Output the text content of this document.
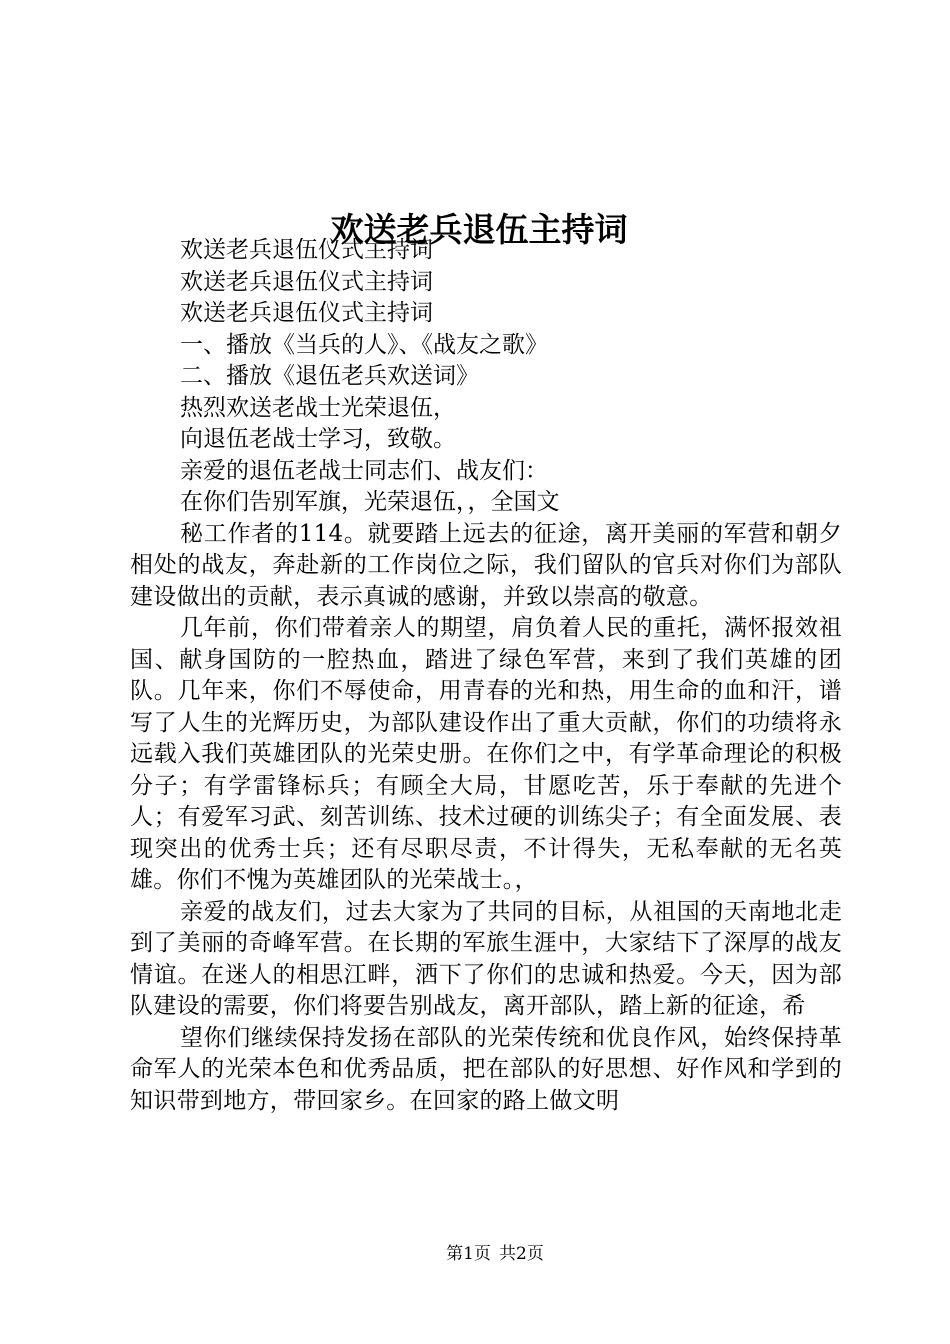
欢送老兵退伍主持词

欢送老兵退伍仪式主持词

欢送老兵退伍仪式主持词

欢送老兵退伍仪式主持词

一、播放《当兵的人》、《战友之歌》

二、播放《退伍老兵欢送词》

热烈欢送老战士光荣退伍，

向退伍老战士学习，致敬。

亲爱的退伍老战士同志们、战友们：

在你们告别军旗，光荣退伍，，全国文

秘工作者的114。就要踏上远去的征途，离开美丽的军营和朝夕相处的战友，奔赴新的工作岗位之际，我们留队的官兵对你们为部队建设做出的贡献，表示真诚的感谢，并致以崇高的敬意。

几年前，你们带着亲人的期望，肩负着人民的重托，满怀报效祖国、献身国防的一腔热血，踏进了绿色军营，来到了我们英雄的团队。几年来，你们不辱使命，用青春的光和热，用生命的血和汗，谱写了人生的光辉历史，为部队建设作出了重大贡献，你们的功绩将永远载入我们英雄团队的光荣史册。在你们之中，有学革命理论的积极分子；有学雷锋标兵；有顾全大局，甘愿吃苦，乐于奉献的先进个人；有爱军习武、刻苦训练、技术过硬的训练尖子；有全面发展、表现突出的优秀士兵；还有尽职尽责，不计得失，无私奉献的无名英雄。你们不愧为英雄团队的光荣战士。，

亲爱的战友们，过去大家为了共同的目标，从祖国的天南地北走到了美丽的奇峰军营。在长期的军旅生涯中，大家结下了深厚的战友情谊。在迷人的相思江畔，洒下了你们的忠诚和热爱。今天，因为部队建设的需要，你们将要告别战友，离开部队，踏上新的征途，希

望你们继续保持发扬在部队的光荣传统和优良作风，始终保持革命军人的光荣本色和优秀品质，把在部队的好思想、好作风和学到的知识带到地方，带回家乡。在回家的路上做文明

第1页 共2页
